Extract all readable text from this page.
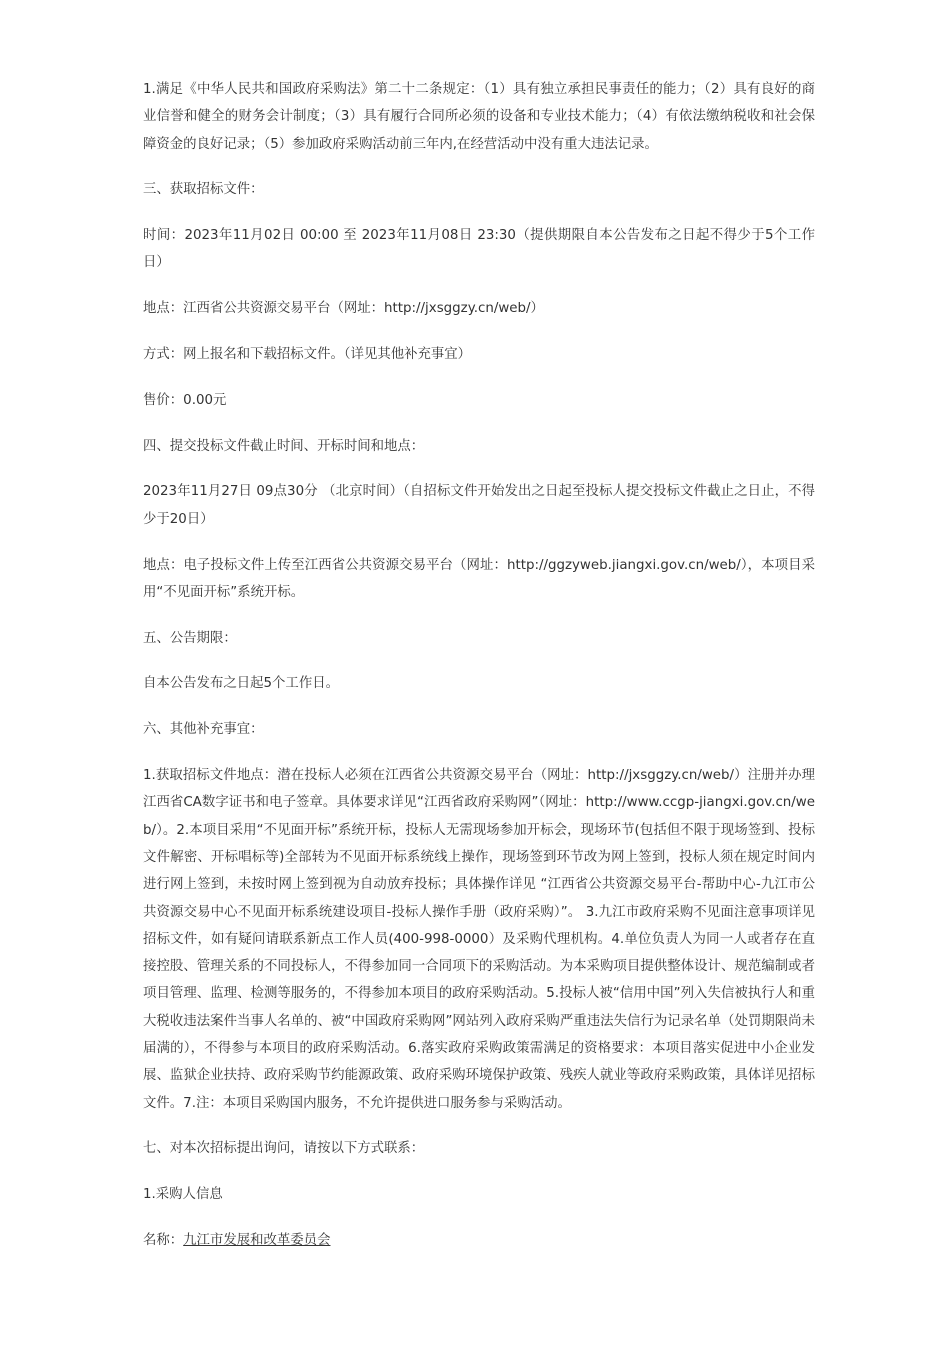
1.满足《中华人民共和国政府采购法》第二十二条规定：（1）具有独立承担民事责任的能力；（2）具有良好的商业信誉和健全的财务会计制度；（3）具有履行合同所必须的设备和专业技术能力；（4）有依法缴纳税收和社会保障资金的良好记录；（5）参加政府采购活动前三年内,在经营活动中没有重大违法记录。

三、获取招标文件：

时间：2023年11月02日 00:00 至 2023年11月08日 23:30（提供期限自本公告发布之日起不得少于5个工作日）

地点：江西省公共资源交易平台（网址：http://jxsggzy.cn/web/）

方式：网上报名和下载招标文件。（详见其他补充事宜）

售价：0.00元

四、提交投标文件截止时间、开标时间和地点：

2023年11月27日 09点30分 （北京时间）（自招标文件开始发出之日起至投标人提交投标文件截止之日止，不得少于20日）

地点：电子投标文件上传至江西省公共资源交易平台（网址：http://ggzyweb.jiangxi.gov.cn/web/），本项目采用“不见面开标”系统开标。

五、公告期限：

自本公告发布之日起5个工作日。

六、其他补充事宜：

1.获取招标文件地点：潜在投标人必须在江西省公共资源交易平台（网址：http://jxsggzy.cn/web/）注册并办理江西省CA数字证书和电子签章。具体要求详见“江西省政府采购网”（网址：http://www.ccgp-jiangxi.gov.cn/web/）。2.本项目采用“不见面开标”系统开标，投标人无需现场参加开标会，现场环节(包括但不限于现场签到、投标文件解密、开标唱标等)全部转为不见面开标系统线上操作，现场签到环节改为网上签到，投标人须在规定时间内进行网上签到，未按时网上签到视为自动放弃投标；具体操作详见 “江西省公共资源交易平台-帮助中心-九江市公共资源交易中心不见面开标系统建设项目-投标人操作手册（政府采购）”。 3.九江市政府采购不见面注意事项详见招标文件，如有疑问请联系新点工作人员(400-998-0000）及采购代理机构。4.单位负责人为同一人或者存在直接控股、管理关系的不同投标人，不得参加同一合同项下的采购活动。为本采购项目提供整体设计、规范编制或者项目管理、监理、检测等服务的，不得参加本项目的政府采购活动。5.投标人被“信用中国”列入失信被执行人和重大税收违法案件当事人名单的、被“中国政府采购网”网站列入政府采购严重违法失信行为记录名单（处罚期限尚未届满的），不得参与本项目的政府采购活动。6.落实政府采购政策需满足的资格要求：本项目落实促进中小企业发展、监狱企业扶持、政府采购节约能源政策、政府采购环境保护政策、残疾人就业等政府采购政策，具体详见招标文件。7.注：本项目采购国内服务，不允许提供进口服务参与采购活动。

七、对本次招标提出询问，请按以下方式联系：

1.采购人信息

名称：九江市发展和改革委员会
